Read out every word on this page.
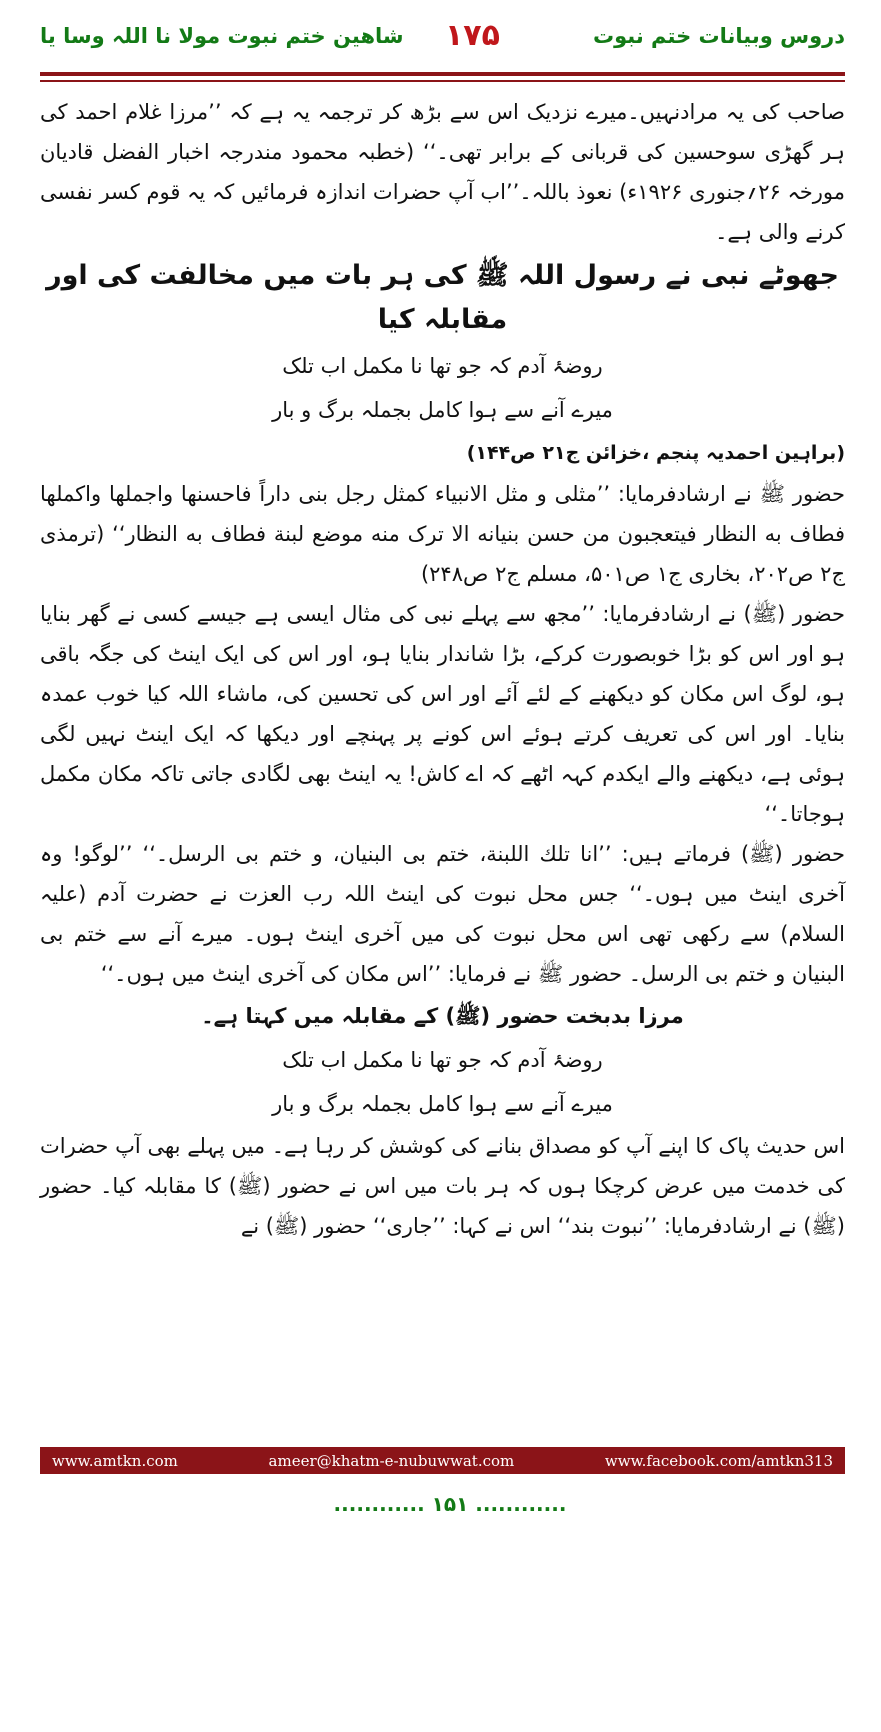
دروس وبیانات ختم نبوت
۱۷۵
شاهین ختم نبوت مولا نا اللہ وسا یا

صاحب کی یہ مرادنہیں۔میرے نزدیک اس سے بڑھ کر ترجمہ یہ ہے کہ ’’مرزا غلام احمد کی ہر گھڑی سوحسین کی قربانی کے برابر تھی۔‘‘ (خطبہ محمود مندرجہ اخبار الفضل قادیان مورخہ ۲۶؍جنوری ۱۹۲۶ء) نعوذ باللہ۔’’اب آپ حضرات اندازہ فرمائیں کہ یہ قوم کسر نفسی کرنے والی ہے۔

جھوٹے نبی نے رسول اللہ ﷺ کی ہر بات میں مخالفت کی اور مقابلہ کیا

روضۂ آدم کہ جو تھا نا مکمل اب تلک

میرے آنے سے ہوا کامل بجملہ برگ و بار

(براہین احمدیہ پنجم ،خزائن ج۲۱ ص۱۴۴)

حضور ﷺ نے ارشادفرمایا: ’’مثلی و مثل الانبیاء کمثل رجل بنی داراً فاحسنها واجملها واکملها فطاف به النظار فیتعجبون من حسن بنیانه الا ترک منه موضع لبنة فطاف به النظار‘‘ (ترمذی ج۲ ص۲۰۲، بخاری ج۱ ص۵۰۱، مسلم ج۲ ص۲۴۸)

حضور (ﷺ) نے ارشادفرمایا: ’’مجھ سے پہلے نبی کی مثال ایسی ہے جیسے کسی نے گھر بنایا ہو اور اس کو بڑا خوبصورت کرکے، بڑا شاندار بنایا ہو، اور اس کی ایک اینٹ کی جگہ باقی ہو، لوگ اس مکان کو دیکھنے کے لئے آئے اور اس کی تحسین کی، ماشاء اللہ کیا خوب عمدہ بنایا۔ اور اس کی تعریف کرتے ہوئے اس کونے پر پہنچے اور دیکھا کہ ایک اینٹ نہیں لگی ہوئی ہے، دیکھنے والے ایکدم کہہ اٹھے کہ اے کاش! یہ اینٹ بھی لگادی جاتی تاکہ مکان مکمل ہوجاتا۔‘‘

حضور (ﷺ) فرماتے ہیں: ’’انا تلك اللبنة، ختم بی البنیان، و ختم بی الرسل۔‘‘ ’’لوگو! وہ آخری اینٹ میں ہوں۔‘‘ جس محل نبوت کی اینٹ اللہ رب العزت نے حضرت آدم (علیہ السلام) سے رکھی تھی اس محل نبوت کی میں آخری اینٹ ہوں۔ میرے آنے سے ختم بی البنیان و ختم بی الرسل۔ حضور ﷺ نے فرمایا: ’’اس مکان کی آخری اینٹ میں ہوں۔‘‘

مرزا بدبخت حضور (ﷺ) کے مقابلہ میں کہتا ہے۔

روضۂ آدم کہ جو تھا نا مکمل اب تلک

میرے آنے سے ہوا کامل بجملہ برگ و بار

اس حدیث پاک کا اپنے آپ کو مصداق بنانے کی کوشش کر رہا ہے۔ میں پہلے بھی آپ حضرات کی خدمت میں عرض کرچکا ہوں کہ ہر بات میں اس نے حضور (ﷺ) کا مقابلہ کیا۔ حضور (ﷺ) نے ارشادفرمایا: ’’نبوت بند‘‘ اس نے کہا: ’’جاری‘‘ حضور (ﷺ) نے

www.amtkn.com	ameer@khatm-e-nubuwwat.com	www.facebook.com/amtkn313
............ ۱۵۱ ............
